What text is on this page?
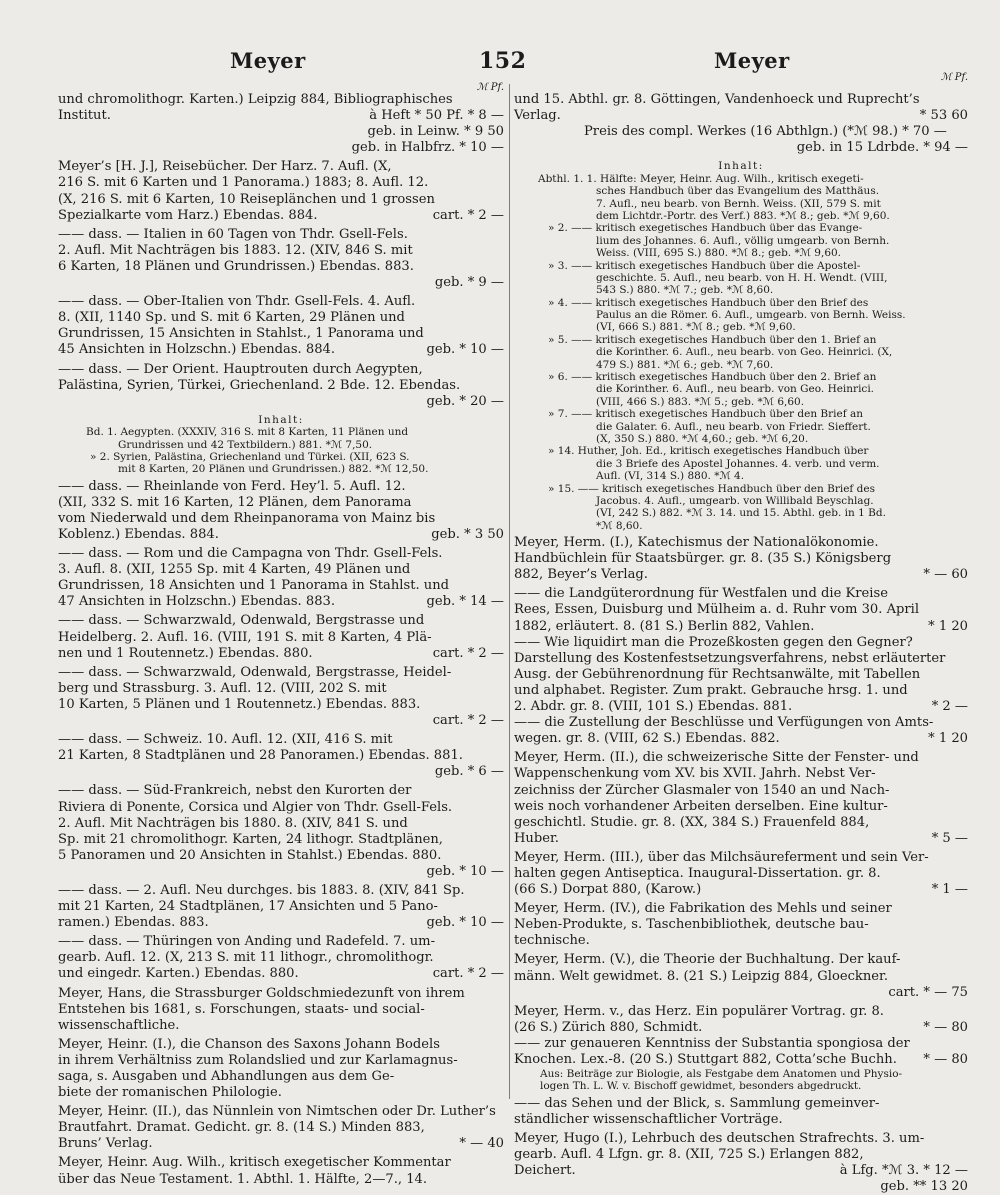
Meyer	152	Meyer
ℳ Pf.
und chromolithogr. Karten.) Leipzig 884, Bibliographisches
Institut.	à Heft * 50 Pf. * 8 —
geb. in Leinw. * 9 50
geb. in Halbfrz. * 10 —
Meyer’s [H. J.], Reisebücher. Der Harz. 7. Aufl. (X,
216 S. mit 6 Karten und 1 Panorama.) 1883; 8. Aufl. 12.
(X, 216 S. mit 6 Karten, 10 Reiseplänchen und 1 grossen
Spezialkarte vom Harz.) Ebendas. 884.	cart. * 2 —
—— dass. — Italien in 60 Tagen von Thdr. Gsell-Fels.
2. Aufl. Mit Nachträgen bis 1883. 12. (XIV, 846 S. mit
6 Karten, 18 Plänen und Grundrissen.) Ebendas. 883.
geb. * 9 —
—— dass. — Ober-Italien von Thdr. Gsell-Fels. 4. Aufl.
8. (XII, 1140 Sp. und S. mit 6 Karten, 29 Plänen und
Grundrissen, 15 Ansichten in Stahlst., 1 Panorama und
45 Ansichten in Holzschn.) Ebendas. 884.	geb. * 10 —
—— dass. — Der Orient. Hauptrouten durch Aegypten,
Palästina, Syrien, Türkei, Griechenland. 2 Bde. 12. Ebendas.
geb. * 20 —
Inhalt:
Bd. 1. Aegypten. (XXXIV, 316 S. mit 8 Karten, 11 Plänen und
Grundrissen und 42 Textbildern.) 881. *ℳ 7,50.
» 2. Syrien, Palästina, Griechenland und Türkei. (XII, 623 S.
mit 8 Karten, 20 Plänen und Grundrissen.) 882. *ℳ 12,50.
—— dass. — Rheinlande von Ferd. Hey’l. 5. Aufl. 12.
(XII, 332 S. mit 16 Karten, 12 Plänen, dem Panorama
vom Niederwald und dem Rheinpanorama von Mainz bis
Koblenz.) Ebendas. 884.	geb. * 3 50
—— dass. — Rom und die Campagna von Thdr. Gsell-Fels.
3. Aufl. 8. (XII, 1255 Sp. mit 4 Karten, 49 Plänen und
Grundrissen, 18 Ansichten und 1 Panorama in Stahlst. und
47 Ansichten in Holzschn.) Ebendas. 883.	geb. * 14 —
—— dass. — Schwarzwald, Odenwald, Bergstrasse und
Heidelberg. 2. Aufl. 16. (VIII, 191 S. mit 8 Karten, 4 Plä-
nen und 1 Routennetz.) Ebendas. 880.	cart. * 2 —
—— dass. — Schwarzwald, Odenwald, Bergstrasse, Heidel-
berg und Strassburg. 3. Aufl. 12. (VIII, 202 S. mit
10 Karten, 5 Plänen und 1 Routennetz.) Ebendas. 883.
cart. * 2 —
—— dass. — Schweiz. 10. Aufl. 12. (XII, 416 S. mit
21 Karten, 8 Stadtplänen und 28 Panoramen.) Ebendas. 881.
geb. * 6 —
—— dass. — Süd-Frankreich, nebst den Kurorten der
Riviera di Ponente, Corsica und Algier von Thdr. Gsell-Fels.
2. Aufl. Mit Nachträgen bis 1880. 8. (XIV, 841 S. und
Sp. mit 21 chromolithogr. Karten, 24 lithogr. Stadtplänen,
5 Panoramen und 20 Ansichten in Stahlst.) Ebendas. 880.
geb. * 10 —
—— dass. — 2. Aufl. Neu durchges. bis 1883. 8. (XIV, 841 Sp.
mit 21 Karten, 24 Stadtplänen, 17 Ansichten und 5 Pano-
ramen.) Ebendas. 883.	geb. * 10 —
—— dass. — Thüringen von Anding und Radefeld. 7. um-
gearb. Aufl. 12. (X, 213 S. mit 11 lithogr., chromolithogr.
und eingedr. Karten.) Ebendas. 880.	cart. * 2 —
Meyer, Hans, die Strassburger Goldschmiedezunft von ihrem
Entstehen bis 1681, s. Forschungen, staats- und social-
wissenschaftliche.
Meyer, Heinr. (I.), die Chanson des Saxons Johann Bodels
in ihrem Verhältniss zum Rolandslied und zur Karlamagnus-
saga, s. Ausgaben und Abhandlungen aus dem Ge-
biete der romanischen Philologie.
Meyer, Heinr. (II.), das Nünnlein von Nimtschen oder Dr. Luther’s
Brautfahrt. Dramat. Gedicht. gr. 8. (14 S.) Minden 883,
Bruns’ Verlag.	* — 40
Meyer, Heinr. Aug. Wilh., kritisch exegetischer Kommentar
über das Neue Testament. 1. Abthl. 1. Hälfte, 2—7., 14.
ℳ Pf.
und 15. Abthl. gr. 8. Göttingen, Vandenhoeck und Ruprecht’s
Verlag.	* 53 60
Preis des compl. Werkes (16 Abthlgn.) (*ℳ 98.) * 70 —
geb. in 15 Ldrbde. * 94 —
Inhalt:
Abthl. 1. 1. Hälfte: Meyer, Heinr. Aug. Wilh., kritisch exegeti-
sches Handbuch über das Evangelium des Matthäus.
7. Aufl., neu bearb. von Bernh. Weiss. (XII, 579 S. mit
dem Lichtdr.-Portr. des Verf.) 883. *ℳ 8.; geb. *ℳ 9,60.
» 2. —— kritisch exegetisches Handbuch über das Evange-
lium des Johannes. 6. Aufl., völlig umgearb. von Bernh.
Weiss. (VIII, 695 S.) 880. *ℳ 8.; geb. *ℳ 9,60.
» 3. —— kritisch exegetisches Handbuch über die Apostel-
geschichte. 5. Aufl., neu bearb. von H. H. Wendt. (VIII,
543 S.) 880. *ℳ 7.; geb. *ℳ 8,60.
» 4. —— kritisch exegetisches Handbuch über den Brief des
Paulus an die Römer. 6. Aufl., umgearb. von Bernh. Weiss.
(VI, 666 S.) 881. *ℳ 8.; geb. *ℳ 9,60.
» 5. —— kritisch exegetisches Handbuch über den 1. Brief an
die Korinther. 6. Aufl., neu bearb. von Geo. Heinrici. (X,
479 S.) 881. *ℳ 6.; geb. *ℳ 7,60.
» 6. —— kritisch exegetisches Handbuch über den 2. Brief an
die Korinther. 6. Aufl., neu bearb. von Geo. Heinrici.
(VIII, 466 S.) 883. *ℳ 5.; geb. *ℳ 6,60.
» 7. —— kritisch exegetisches Handbuch über den Brief an
die Galater. 6. Aufl., neu bearb. von Friedr. Sieffert.
(X, 350 S.) 880. *ℳ 4,60.; geb. *ℳ 6,20.
» 14. Huther, Joh. Ed., kritisch exegetisches Handbuch über
die 3 Briefe des Apostel Johannes. 4. verb. und verm.
Aufl. (VI, 314 S.) 880. *ℳ 4.
» 15. —— kritisch exegetisches Handbuch über den Brief des
Jacobus. 4. Aufl., umgearb. von Willibald Beyschlag.
(VI, 242 S.) 882. *ℳ 3. 14. und 15. Abthl. geb. in 1 Bd.
*ℳ 8,60.
Meyer, Herm. (I.), Katechismus der Nationalökonomie.
Handbüchlein für Staatsbürger. gr. 8. (35 S.) Königsberg
882, Beyer’s Verlag.	* — 60
—— die Landgüterordnung für Westfalen und die Kreise
Rees, Essen, Duisburg und Mülheim a. d. Ruhr vom 30. April
1882, erläutert. 8. (81 S.) Berlin 882, Vahlen.	* 1 20
—— Wie liquidirt man die Prozeßkosten gegen den Gegner?
Darstellung des Kostenfestsetzungsverfahrens, nebst erläuterter
Ausg. der Gebührenordnung für Rechtsanwälte, mit Tabellen
und alphabet. Register. Zum prakt. Gebrauche hrsg. 1. und
2. Abdr. gr. 8. (VIII, 101 S.) Ebendas. 881.	* 2 —
—— die Zustellung der Beschlüsse und Verfügungen von Amts-
wegen. gr. 8. (VIII, 62 S.) Ebendas. 882.	* 1 20
Meyer, Herm. (II.), die schweizerische Sitte der Fenster- und
Wappenschenkung vom XV. bis XVII. Jahrh. Nebst Ver-
zeichniss der Zürcher Glasmaler von 1540 an und Nach-
weis noch vorhandener Arbeiten derselben. Eine kultur-
geschichtl. Studie. gr. 8. (XX, 384 S.) Frauenfeld 884,
Huber.	* 5 —
Meyer, Herm. (III.), über das Milchsäureferment und sein Ver-
halten gegen Antiseptica. Inaugural-Dissertation. gr. 8.
(66 S.) Dorpat 880, (Karow.)	* 1 —
Meyer, Herm. (IV.), die Fabrikation des Mehls und seiner
Neben-Produkte, s. Taschenbibliothek, deutsche bau-
technische.
Meyer, Herm. (V.), die Theorie der Buchhaltung. Der kauf-
männ. Welt gewidmet. 8. (21 S.) Leipzig 884, Gloeckner.
cart. * — 75
Meyer, Herm. v., das Herz. Ein populärer Vortrag. gr. 8.
(26 S.) Zürich 880, Schmidt.	* — 80
—— zur genaueren Kenntniss der Substantia spongiosa der
Knochen. Lex.-8. (20 S.) Stuttgart 882, Cotta’sche Buchh. * — 80
Aus: Beiträge zur Biologie, als Festgabe dem Anatomen und Physio-
logen Th. L. W. v. Bischoff gewidmet, besonders abgedruckt.
—— das Sehen und der Blick, s. Sammlung gemeinver-
ständlicher wissenschaftlicher Vorträge.
Meyer, Hugo (I.), Lehrbuch des deutschen Strafrechts. 3. um-
gearb. Aufl. 4 Lfgn. gr. 8. (XII, 725 S.) Erlangen 882,
Deichert.	à Lfg. *ℳ 3. * 12 —
geb. ** 13 20
